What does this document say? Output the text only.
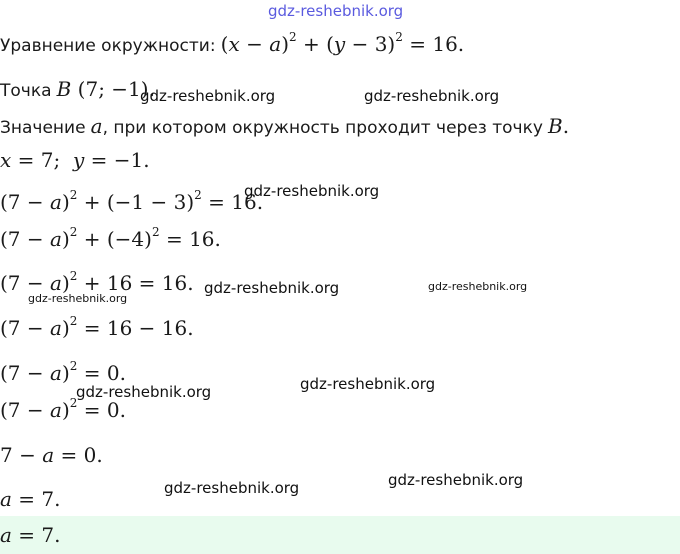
gdz-reshebnik.org
Уравнение окружности: $(x - a)^2 + (y - 3)^2 = 16$.
Точка B (7; −1).
Значение a, при котором окружность проходит через точку B.
x = 7;  y = −1.
$(7 - a)^2 + (-1 - 3)^2 = 16$.
$(7 - a)^2 + (-4)^2 = 16$.
$(7 - a)^2 + 16 = 16$.
$(7 - a)^2 = 16 - 16$.
$(7 - a)^2 = 0$.
$(7 - a)^2 = 0$.
7 − a = 0.
a = 7.
a = 7.
gdz-reshebnik.org	gdz-reshebnik.org
gdz-reshebnik.org
gdz-reshebnik.org	gdz-reshebnik.org
gdz-reshebnik.org
gdz-reshebnik.org
gdz-reshebnik.org
gdz-reshebnik.org
gdz-reshebnik.org
